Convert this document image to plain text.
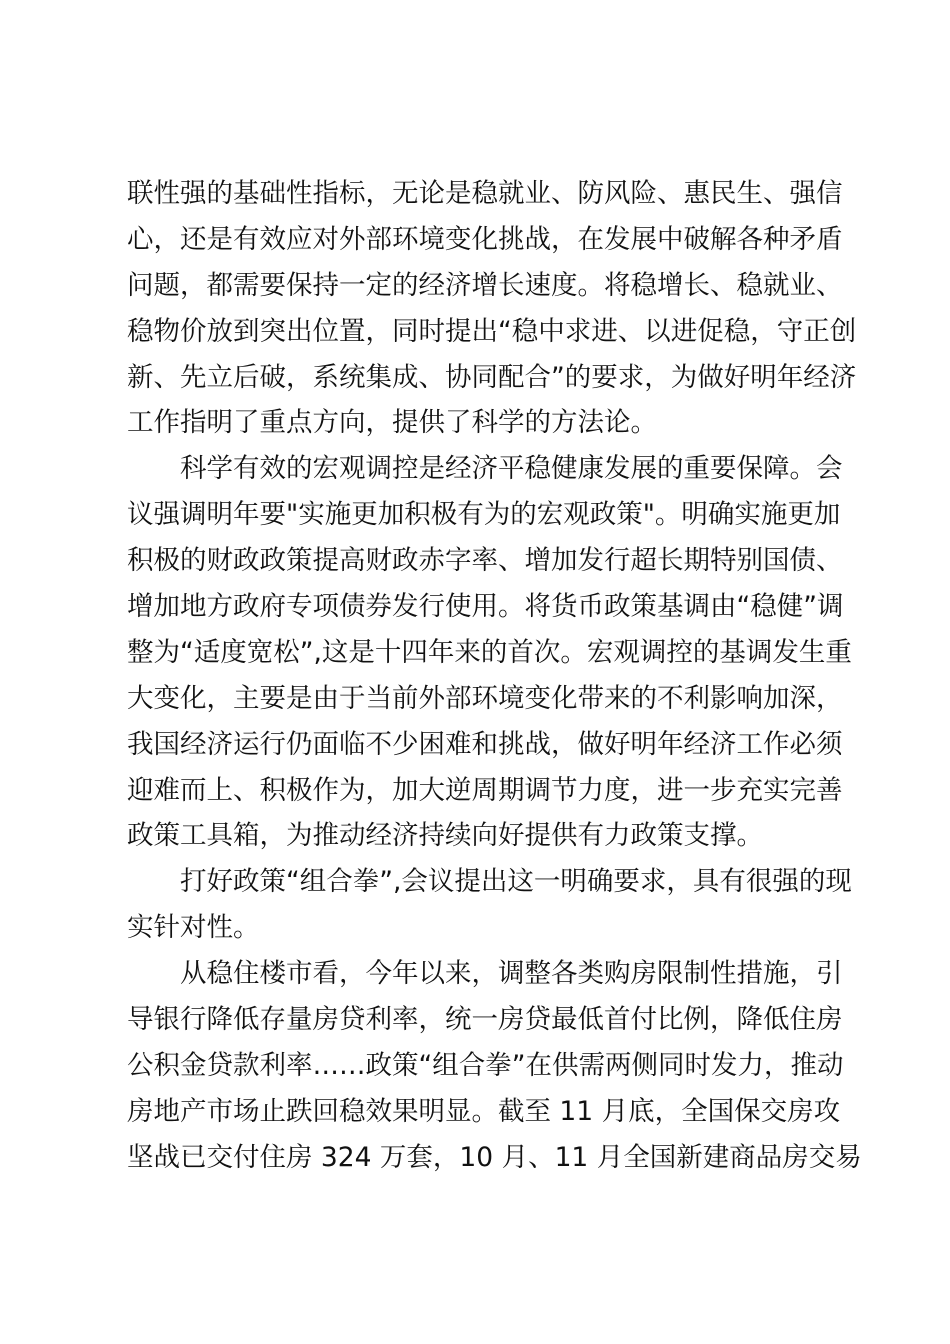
联性强的基础性指标，无论是稳就业、防风险、惠民生、强信
心，还是有效应对外部环境变化挑战，在发展中破解各种矛盾
问题，都需要保持一定的经济增长速度。将稳增长、稳就业、
稳物价放到突出位置，同时提出“稳中求进、以进促稳，守正创
新、先立后破，系统集成、协同配合”的要求，为做好明年经济
工作指明了重点方向，提供了科学的方法论。
　　科学有效的宏观调控是经济平稳健康发展的重要保障。会
议强调明年要"实施更加积极有为的宏观政策"。明确实施更加
积极的财政政策提高财政赤字率、增加发行超长期特别国债、
增加地方政府专项债券发行使用。将货币政策基调由“稳健”调
整为“适度宽松”,这是十四年来的首次。宏观调控的基调发生重
大变化，主要是由于当前外部环境变化带来的不利影响加深，
我国经济运行仍面临不少困难和挑战，做好明年经济工作必须
迎难而上、积极作为，加大逆周期调节力度，进一步充实完善
政策工具箱，为推动经济持续向好提供有力政策支撑。
　　打好政策“组合拳”,会议提出这一明确要求，具有很强的现
实针对性。
　　从稳住楼市看，今年以来，调整各类购房限制性措施，引
导银行降低存量房贷利率，统一房贷最低首付比例，降低住房
公积金贷款利率……政策“组合拳”在供需两侧同时发力，推动
房地产市场止跌回稳效果明显。截至 11 月底，全国保交房攻
坚战已交付住房 324 万套，10 月、11 月全国新建商品房交易
